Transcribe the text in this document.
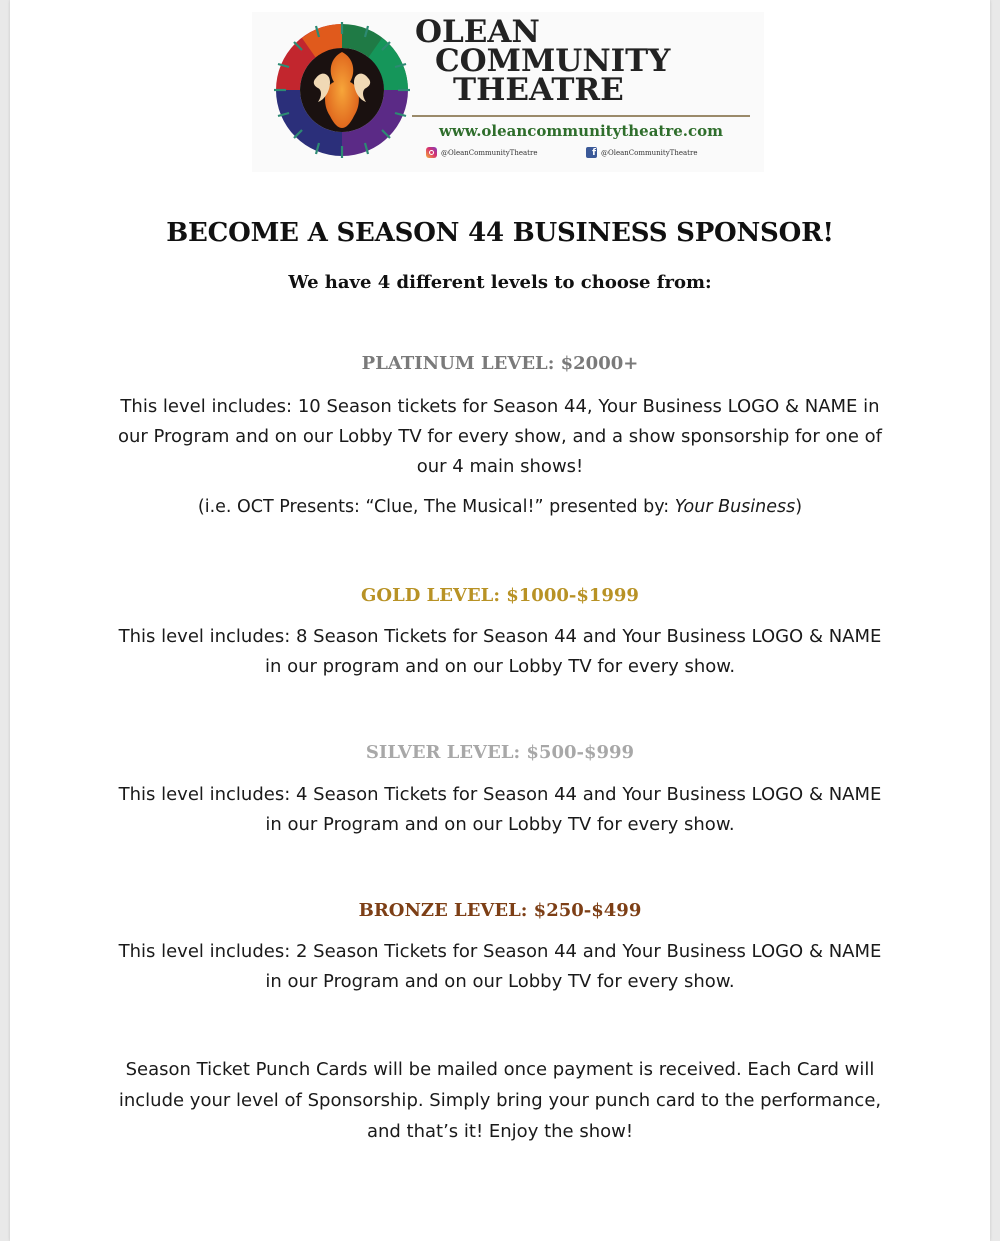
OLEAN
COMMUNITY
THEATRE
www.oleancommunitytheatre.com
@OleanCommunityTheatre	f @OleanCommunityTheatre
BECOME A SEASON 44 BUSINESS SPONSOR!
We have 4 different levels to choose from:
PLATINUM LEVEL: $2000+
This level includes: 10 Season tickets for Season 44, Your Business LOGO & NAME in our Program and on our Lobby TV for every show, and a show sponsorship for one of our 4 main shows!
(i.e. OCT Presents: “Clue, The Musical!” presented by: Your Business)
GOLD LEVEL: $1000-$1999
This level includes: 8 Season Tickets for Season 44 and Your Business LOGO & NAME in our program and on our Lobby TV for every show.
SILVER LEVEL: $500-$999
This level includes: 4 Season Tickets for Season 44 and Your Business LOGO & NAME in our Program and on our Lobby TV for every show.
BRONZE LEVEL: $250-$499
This level includes: 2 Season Tickets for Season 44 and Your Business LOGO & NAME in our Program and on our Lobby TV for every show.
Season Ticket Punch Cards will be mailed once payment is received. Each Card will include your level of Sponsorship. Simply bring your punch card to the performance, and that’s it! Enjoy the show!
